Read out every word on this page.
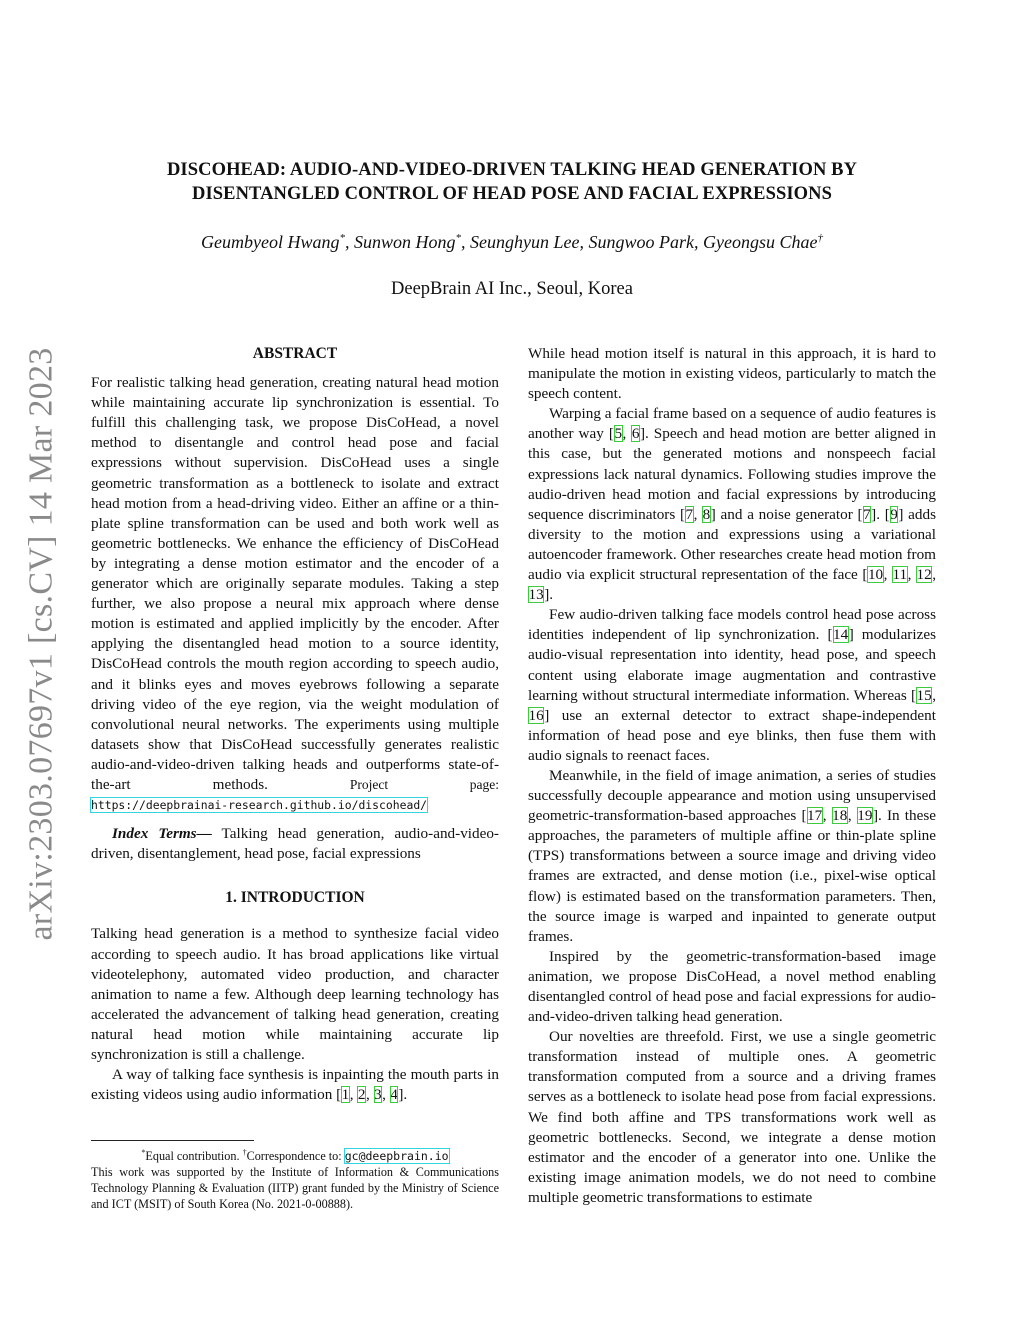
arXiv:2303.07697v1 [cs.CV] 14 Mar 2023
DISCOHEAD: AUDIO-AND-VIDEO-DRIVEN TALKING HEAD GENERATION BY
DISENTANGLED CONTROL OF HEAD POSE AND FACIAL EXPRESSIONS
Geumbyeol Hwang*, Sunwon Hong*, Seunghyun Lee, Sungwoo Park, Gyeongsu Chae†
DeepBrain AI Inc., Seoul, Korea

ABSTRACT

For realistic talking head generation, creating natural head motion while maintaining accurate lip synchronization is essential. To fulfill this challenging task, we propose DisCoHead, a novel method to disentangle and control head pose and facial expressions without supervision. DisCoHead uses a single geometric transformation as a bottleneck to isolate and extract head motion from a head-driving video. Either an affine or a thin-plate spline transformation can be used and both work well as geometric bottlenecks. We enhance the efficiency of DisCoHead by integrating a dense motion estimator and the encoder of a generator which are originally separate modules. Taking a step further, we also propose a neural mix approach where dense motion is estimated and applied implicitly by the encoder. After applying the disentangled head motion to a source identity, DisCoHead controls the mouth region according to speech audio, and it blinks eyes and moves eyebrows following a separate driving video of the eye region, via the weight modulation of convolutional neural networks. The experiments using multiple datasets show that DisCoHead successfully generates realistic audio-and-video-driven talking heads and outperforms state-of-the-art methods.	Project page: https://deepbrainai-research.github.io/discohead/

Index Terms— Talking head generation, audio-and-video-driven, disentanglement, head pose, facial expressions

1. INTRODUCTION

Talking head generation is a method to synthesize facial video according to speech audio. It has broad applications like virtual videotelephony, automated video production, and character animation to name a few. Although deep learning technology has accelerated the advancement of talking head generation, creating natural head motion while maintaining accurate lip synchronization is still a challenge.

A way of talking face synthesis is inpainting the mouth parts in existing videos using audio information [1, 2, 3, 4].

*Equal contribution. †Correspondence to: gc@deepbrain.io
This work was supported by the Institute of Information & Communications Technology Planning & Evaluation (IITP) grant funded by the Ministry of Science and ICT (MSIT) of South Korea (No. 2021-0-00888).

While head motion itself is natural in this approach, it is hard to manipulate the motion in existing videos, particularly to match the speech content.

Warping a facial frame based on a sequence of audio features is another way [5, 6]. Speech and head motion are better aligned in this case, but the generated motions and nonspeech facial expressions lack natural dynamics. Following studies improve the audio-driven head motion and facial expressions by introducing sequence discriminators [7, 8] and a noise generator [7]. [9] adds diversity to the motion and expressions using a variational autoencoder framework. Other researches create head motion from audio via explicit structural representation of the face [10, 11, 12, 13].

Few audio-driven talking face models control head pose across identities independent of lip synchronization. [14] modularizes audio-visual representation into identity, head pose, and speech content using elaborate image augmentation and contrastive learning without structural intermediate information. Whereas [15, 16] use an external detector to extract shape-independent information of head pose and eye blinks, then fuse them with audio signals to reenact faces.

Meanwhile, in the field of image animation, a series of studies successfully decouple appearance and motion using unsupervised geometric-transformation-based approaches [17, 18, 19]. In these approaches, the parameters of multiple affine or thin-plate spline (TPS) transformations between a source image and driving video frames are extracted, and dense motion (i.e., pixel-wise optical flow) is estimated based on the transformation parameters. Then, the source image is warped and inpainted to generate output frames.

Inspired by the geometric-transformation-based image animation, we propose DisCoHead, a novel method enabling disentangled control of head pose and facial expressions for audio-and-video-driven talking head generation.

Our novelties are threefold. First, we use a single geometric transformation instead of multiple ones. A geometric transformation computed from a source and a driving frames serves as a bottleneck to isolate head pose from facial expressions. We find both affine and TPS transformations work well as geometric bottlenecks. Second, we integrate a dense motion estimator and the encoder of a generator into one. Unlike the existing image animation models, we do not need to combine multiple geometric transformations to estimate
